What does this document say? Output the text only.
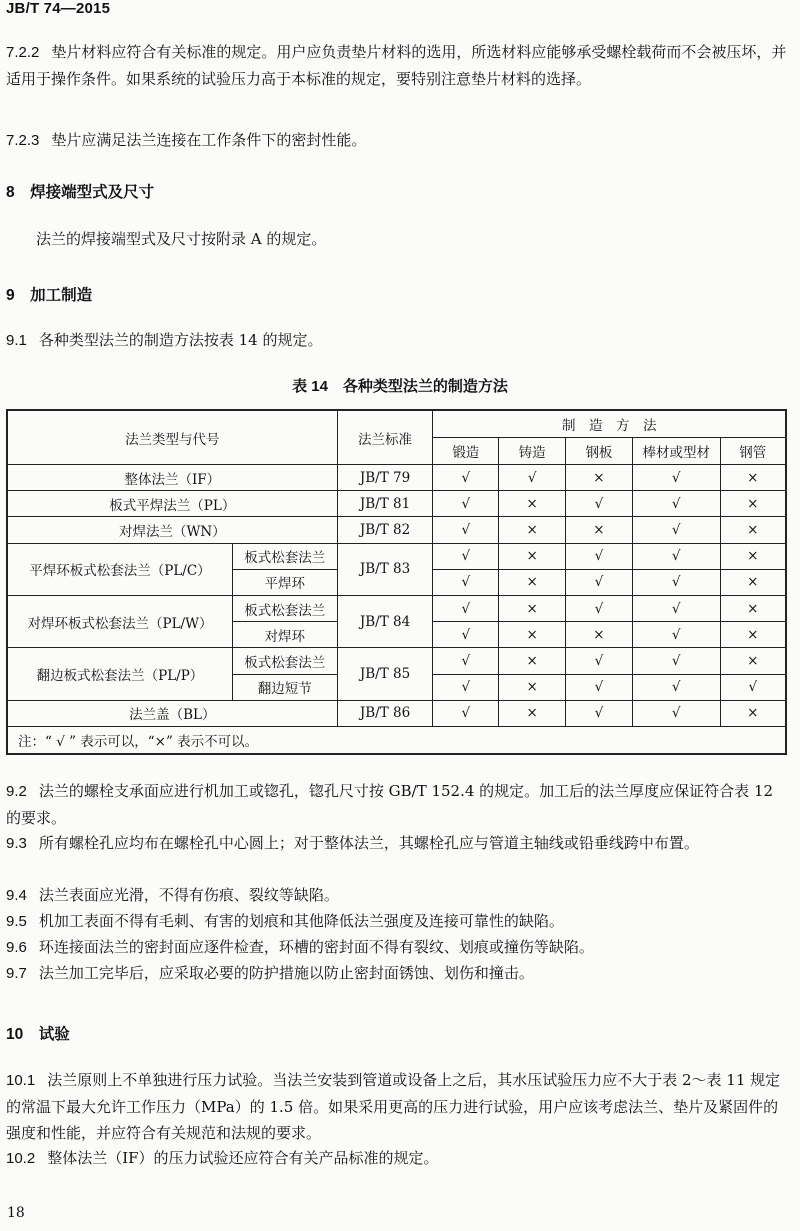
JB/T 74—2015
7.2.2 垫片材料应符合有关标准的规定。用户应负责垫片材料的选用，所选材料应能够承受螺栓载荷而不会被压坏，并适用于操作条件。如果系统的试验压力高于本标准的规定，要特别注意垫片材料的选择。
7.2.3 垫片应满足法兰连接在工作条件下的密封性能。
8　焊接端型式及尺寸
法兰的焊接端型式及尺寸按附录 A 的规定。
9　加工制造
9.1 各种类型法兰的制造方法按表 14 的规定。
表 14　各种类型法兰的制造方法
法兰类型与代号		法兰标准	制　造　方　法				
			锻造	铸造	钢板	棒材或型材	钢管
整体法兰（IF）		JB/T 79	√	√	×	√	×
板式平焊法兰（PL）		JB/T 81	√	×	√	√	×
对焊法兰（WN）		JB/T 82	√	×	×	√	×
平焊环板式松套法兰（PL/C）	板式松套法兰	JB/T 83	√	×	√	√	×
	平焊环		√	×	√	√	×
对焊环板式松套法兰（PL/W）	板式松套法兰	JB/T 84	√	×	√	√	×
	对焊环		√	×	×	√	×
翻边板式松套法兰（PL/P）	板式松套法兰	JB/T 85	√	×	√	√	×
	翻边短节		√	×	√	√	√
法兰盖（BL）		JB/T 86	√	×	√	√	×
注：“ √ ” 表示可以，“×” 表示不可以。							
9.2 法兰的螺栓支承面应进行机加工或锪孔，锪孔尺寸按 GB/T 152.4 的规定。加工后的法兰厚度应保证符合表 12 的要求。
9.3 所有螺栓孔应均布在螺栓孔中心圆上；对于整体法兰，其螺栓孔应与管道主轴线或铅垂线跨中布置。
9.4 法兰表面应光滑，不得有伤痕、裂纹等缺陷。
9.5 机加工表面不得有毛刺、有害的划痕和其他降低法兰强度及连接可靠性的缺陷。
9.6 环连接面法兰的密封面应逐件检查，环槽的密封面不得有裂纹、划痕或撞伤等缺陷。
9.7 法兰加工完毕后，应采取必要的防护措施以防止密封面锈蚀、划伤和撞击。
10　试验
10.1 法兰原则上不单独进行压力试验。当法兰安装到管道或设备上之后，其水压试验压力应不大于表 2～表 11 规定的常温下最大允许工作压力（MPa）的 1.5 倍。如果采用更高的压力进行试验，用户应该考虑法兰、垫片及紧固件的强度和性能，并应符合有关规范和法规的要求。
10.2 整体法兰（IF）的压力试验还应符合有关产品标准的规定。
18
